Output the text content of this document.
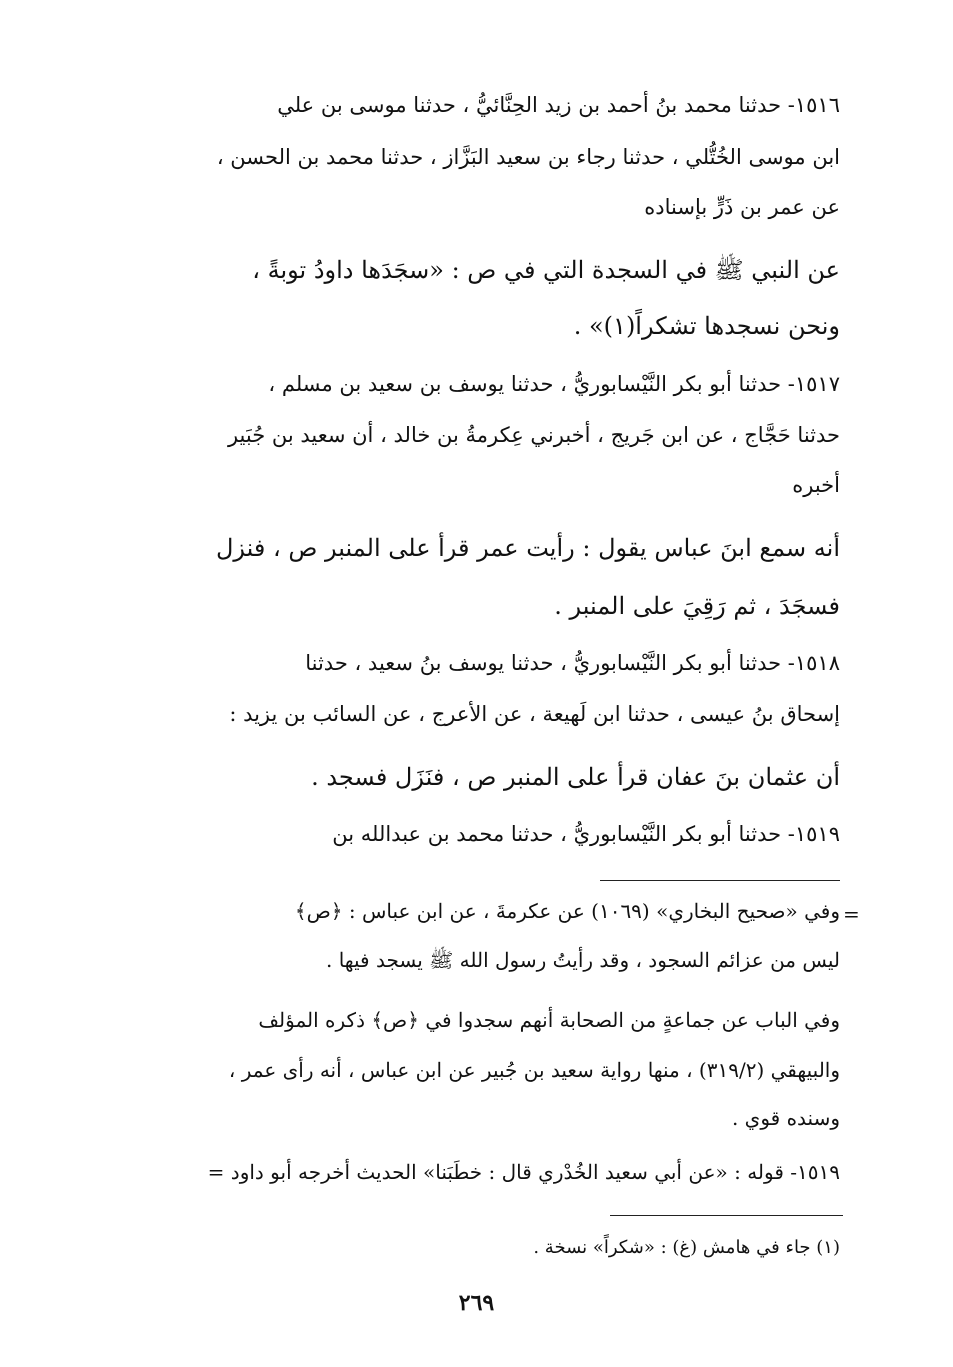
١٥١٦- حدثنا محمد بنُ أحمد بن زيد الحِنَّائيُّ ، حدثنا موسى بن علي
ابن موسى الخُتُّلي ، حدثنا رجاء بن سعيد البَزَّاز ، حدثنا محمد بن الحسن ،
عن عمر بن ذَرٍّ بإسناده
عن النبي ﷺ في السجدة التي في ص : «سجَدَها داودُ توبةً ،
ونحن نسجدها تشكراً(١)» .
١٥١٧- حدثنا أبو بكر النَّيْسابوريُّ ، حدثنا يوسف بن سعيد بن مسلم ،
حدثنا حَجَّاج ، عن ابن جَريج ، أخبرني عِكرمةُ بن خالد ، أن سعيد بن جُبَير
أخبره
أنه سمع ابنَ عباس يقول : رأيت عمر قرأ على المنبر ص ، فنزل
فسجَدَ ، ثم رَقِيَ على المنبر .
١٥١٨- حدثنا أبو بكر النَّيْسابوريُّ ، حدثنا يوسف بنُ سعيد ، حدثنا
إسحاق بنُ عيسى ، حدثنا ابن لَهيعة ، عن الأعرج ، عن السائب بن يزيد :
أن عثمان بنَ عفان قرأ على المنبر ص ، فنَزَل فسجد .
١٥١٩- حدثنا أبو بكر النَّيْسابوريُّ ، حدثنا محمد بن عبدالله بن
=
وفي «صحيح البخاري» (١٠٦٩) عن عكرمةَ ، عن ابن عباس : ﴿ص﴾
ليس من عزائم السجود ، وقد رأيتُ رسول الله ﷺ يسجد فيها .
وفي الباب عن جماعةٍ من الصحابة أنهم سجدوا في ﴿ص﴾ ذكره المؤلف
والبيهقي (٣١٩/٢) ، منها رواية سعيد بن جُبير عن ابن عباس ، أنه رأى عمر ،
وسنده قوي .
١٥١٩- قوله : «عن أبي سعيد الخُدْري قال : خطَبَنا» الحديث أخرجه أبو داود =
(١) جاء في هامش (غ) : «شكراً» نسخة .
٢٦٩
